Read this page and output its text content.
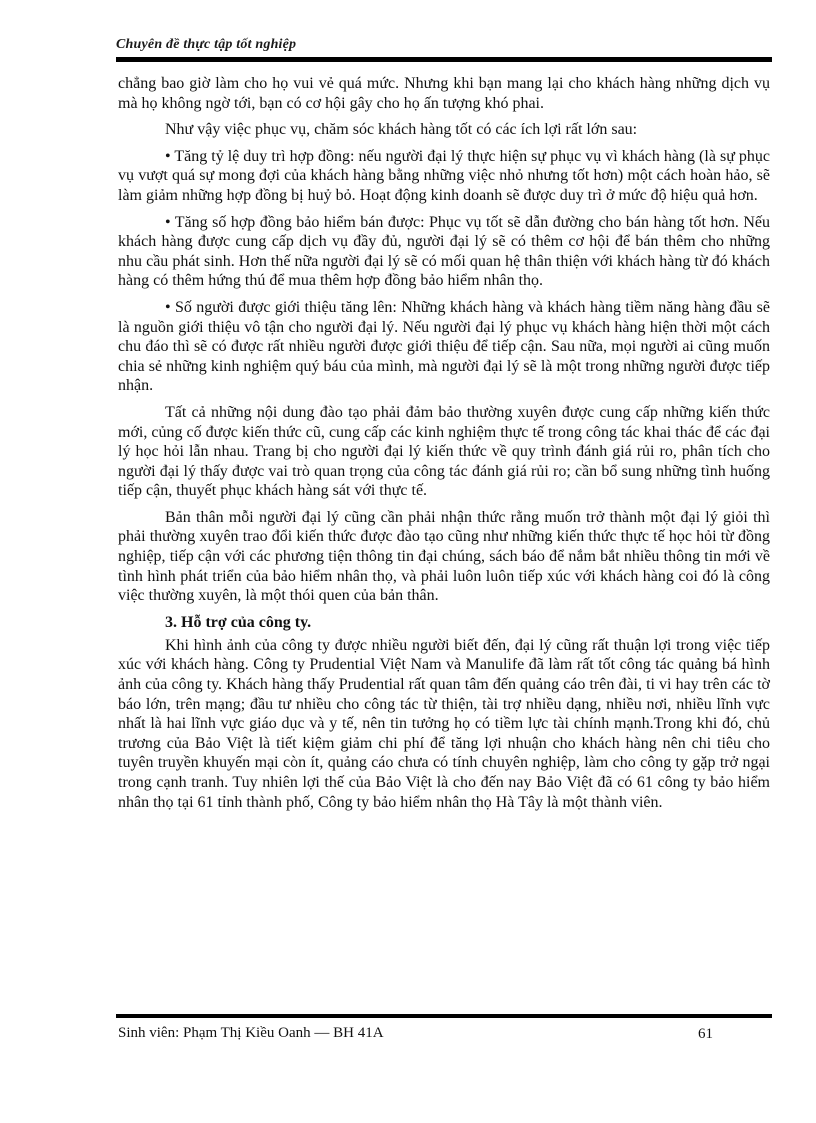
Chuyên đề thực tập tốt nghiệp

chẳng bao giờ làm cho họ vui vẻ quá mức. Nhưng khi bạn mang lại cho khách hàng những dịch vụ mà họ không ngờ tới, bạn có cơ hội gây cho họ ấn tượng khó phai.

Như vậy việc phục vụ, chăm sóc khách hàng tốt có các ích lợi rất lớn sau:

• Tăng tỷ lệ duy trì hợp đồng: nếu người đại lý thực hiện sự phục vụ vì khách hàng (là sự phục vụ vượt quá sự mong đợi của khách hàng bằng những việc nhỏ nhưng tốt hơn) một cách hoàn hảo, sẽ làm giảm những hợp đồng bị huỷ bỏ. Hoạt động kinh doanh sẽ được duy trì ở mức độ hiệu quả hơn.

• Tăng số hợp đồng bảo hiểm bán được: Phục vụ tốt sẽ dẫn đường cho bán hàng tốt hơn. Nếu khách hàng được cung cấp dịch vụ đầy đủ, người đại lý sẽ có thêm cơ hội để bán thêm cho những nhu cầu phát sinh. Hơn thế nữa người đại lý sẽ có mối quan hệ thân thiện với khách hàng từ đó khách hàng có thêm hứng thú để mua thêm hợp đồng bảo hiểm nhân thọ.

• Số người được giới thiệu tăng lên: Những khách hàng và khách hàng tiềm năng hàng đầu sẽ là nguồn giới thiệu vô tận cho người đại lý. Nếu người đại lý phục vụ khách hàng hiện thời một cách chu đáo thì sẽ có được rất nhiều người được giới thiệu để tiếp cận. Sau nữa, mọi người ai cũng muốn chia sẻ những kinh nghiệm quý báu của mình, mà người đại lý sẽ là một trong những người được tiếp nhận.

Tất cả những nội dung đào tạo phải đảm bảo thường xuyên được cung cấp những kiến thức mới, củng cố được kiến thức cũ, cung cấp các kinh nghiệm thực tế trong công tác khai thác để các đại lý học hỏi lẫn nhau. Trang bị cho người đại lý kiến thức về quy trình đánh giá rủi ro, phân tích cho người đại lý thấy được vai trò quan trọng của công tác đánh giá rủi ro; cần bổ sung những tình huống tiếp cận, thuyết phục khách hàng sát với thực tế.

Bản thân mỗi người đại lý cũng cần phải nhận thức rằng muốn trở thành một đại lý giỏi thì phải thường xuyên trao đổi kiến thức được đào tạo cũng như những kiến thức thực tế học hỏi từ đồng nghiệp, tiếp cận với các phương tiện thông tin đại chúng, sách báo để nắm bắt nhiều thông tin mới về tình hình phát triển của bảo hiểm nhân thọ, và phải luôn luôn tiếp xúc với khách hàng coi đó là công việc thường xuyên, là một thói quen của bản thân.

3. Hỗ trợ của công ty.

Khi hình ảnh của công ty được nhiều người biết đến, đại lý cũng rất thuận lợi trong việc tiếp xúc với khách hàng. Công ty Prudential Việt Nam và Manulife đã làm rất tốt công tác quảng bá hình ảnh của công ty. Khách hàng thấy Prudential rất quan tâm đến quảng cáo trên đài, ti vi hay trên các tờ báo lớn, trên mạng; đầu tư nhiều cho công tác từ thiện, tài trợ nhiều dạng, nhiều nơi, nhiều lĩnh vực nhất là hai lĩnh vực giáo dục và y tế, nên tin tưởng họ có tiềm lực tài chính mạnh.Trong khi đó, chủ trương của Bảo Việt là tiết kiệm giảm chi phí để tăng lợi nhuận cho khách hàng nên chi tiêu cho tuyên truyền khuyến mại còn ít, quảng cáo chưa có tính chuyên nghiệp, làm cho công ty gặp trở ngại trong cạnh tranh. Tuy nhiên lợi thế của Bảo Việt là cho đến nay Bảo Việt đã có 61 công ty bảo hiểm nhân thọ tại 61 tỉnh thành phố, Công ty bảo hiểm nhân thọ Hà Tây là một thành viên.

Sinh viên: Phạm Thị Kiều Oanh — BH 41A	61
